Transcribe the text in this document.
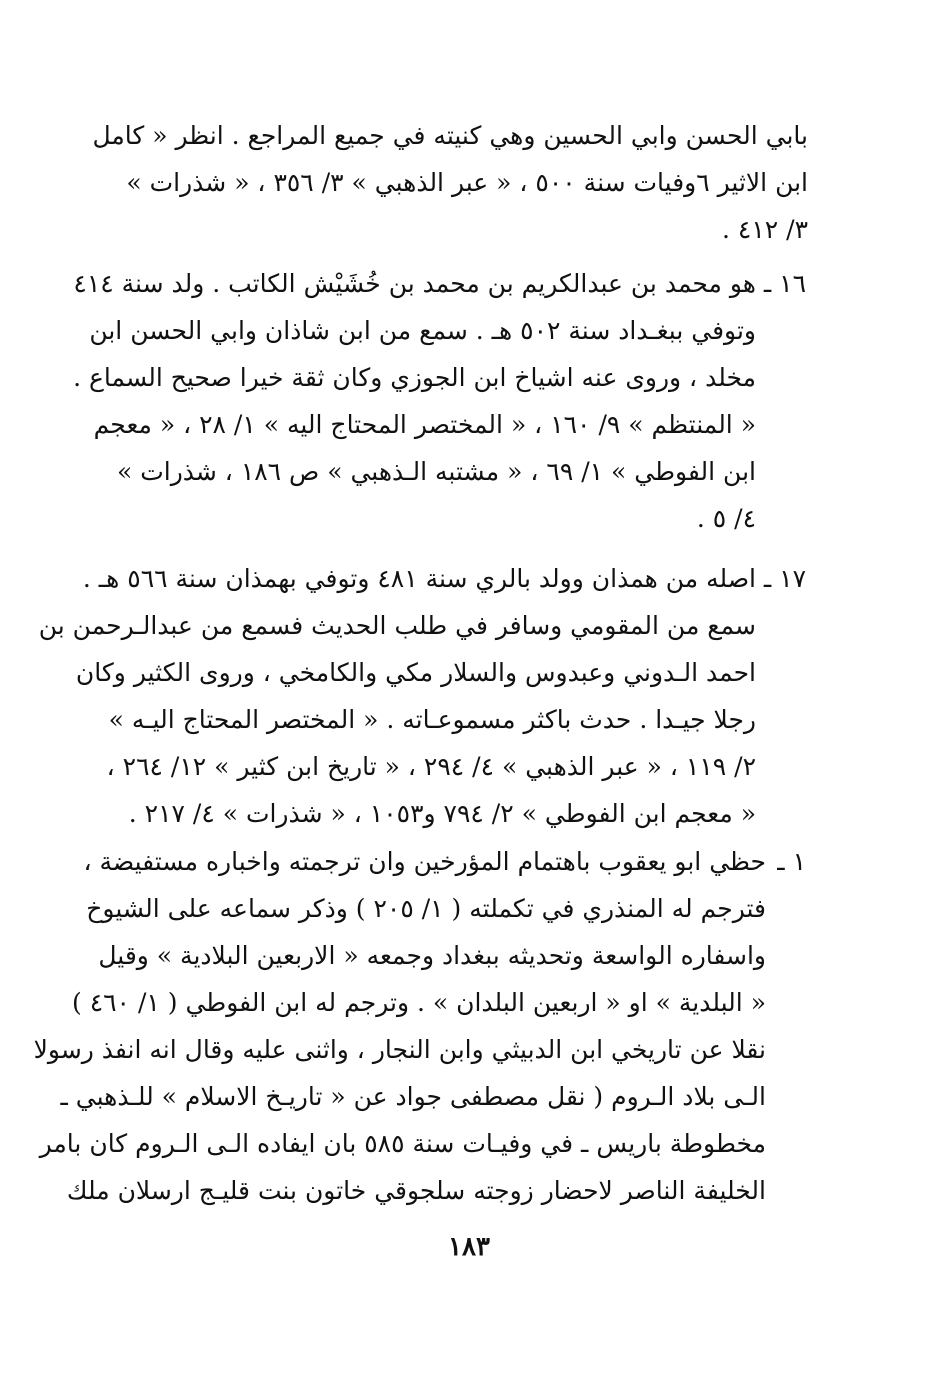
بابي الحسن وابي الحسين وهي كنيته في جميع المراجع . انظر « كامل
ابن الاثير ٦وفيات سنة ٥٠٠ ، « عبر الذهبي » ٣/ ٣٥٦ ، « شذرات »
٣/ ٤١٢ .
١٦ ـ
هو محمد بن عبدالكريم بن محمد بن خُشَيْش الكاتب . ولد سنة ٤١٤
وتوفي ببغـداد سنة ٥٠٢ هـ . سمع من ابن شاذان وابي الحسن ابن
مخلد ، وروى عنه اشياخ ابن الجوزي وكان ثقة خيرا صحيح السماع .
« المنتظم » ٩/ ١٦٠ ، « المختصر المحتاج اليه » ١/ ٢٨ ، « معجم
ابن الفوطي » ١/ ٦٩ ، « مشتبه الـذهبي » ص ١٨٦ ، شذرات »
٤/ ٥ .
١٧ ـ
اصله من همذان وولد بالري سنة ٤٨١ وتوفي بهمذان سنة ٥٦٦ هـ .
سمع من المقومي وسافر في طلب الحديث فسمع من عبدالـرحمن بن
احمد الـدوني وعبدوس والسلار مكي والكامخي ، وروى الكثير وكان
رجلا جيـدا . حدث باكثر مسموعـاته . « المختصر المحتاج اليـه »
٢/ ١١٩ ، « عبر الذهبي » ٤/ ٢٩٤ ، « تاريخ ابن كثير » ١٢/ ٢٦٤ ،
« معجم ابن الفوطي » ٢/ ٧٩٤ و١٠٥٣ ، « شذرات » ٤/ ٢١٧ .
١ ـ
حظي ابو يعقوب باهتمام المؤرخين وان ترجمته واخباره مستفيضة ،
فترجم له المنذري في تكملته ( ١/ ٢٠٥ ) وذكر سماعه على الشيوخ
واسفاره الواسعة وتحديثه ببغداد وجمعه « الاربعين البلادية » وقيل
« البلدية » او « اربعين البلدان » . وترجم له ابن الفوطي ( ١/ ٤٦٠ )
نقلا عن تاريخي ابن الدبيثي وابن النجار ، واثنى عليه وقال انه انفذ رسولا
الـى بلاد الـروم ( نقل مصطفى جواد عن « تاريـخ الاسلام » للـذهبي ـ
مخطوطة باريس ـ في وفيـات سنة ٥٨٥ بان ايفاده الـى الـروم كان بامر
الخليفة الناصر لاحضار زوجته سلجوقي خاتون بنت قليـج ارسلان ملك
١٨٣
